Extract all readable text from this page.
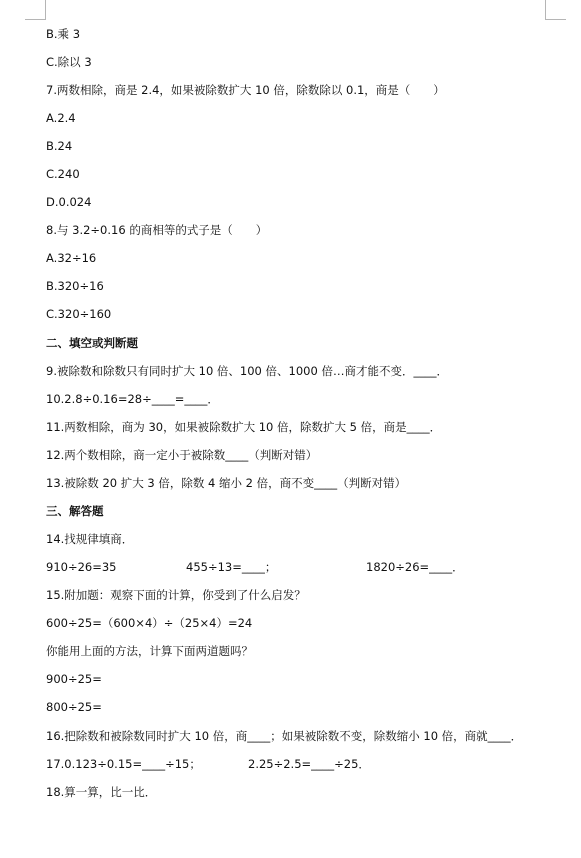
B.乘 3
C.除以 3
7.两数相除，商是 2.4，如果被除数扩大 10 倍，除数除以 0.1，商是（　　）
A.2.4
B.24
C.240
D.0.024
8.与 3.2÷0.16 的商相等的式子是（　　）
A.32÷16
B.320÷16
C.320÷160
二、填空或判断题
9.被除数和除数只有同时扩大 10 倍、100 倍、1000 倍…商才能不变．____．
10.2.8÷0.16=28÷____=____．
11.两数相除，商为 30，如果被除数扩大 10 倍，除数扩大 5 倍，商是____．
12.两个数相除，商一定小于被除数____（判断对错）
13.被除数 20 扩大 3 倍，除数 4 缩小 2 倍，商不变____（判断对错）
三、解答题
14.找规律填商．
910÷26=35	455÷13=____；	1820÷26=____．
15.附加题：观察下面的计算，你受到了什么启发？
600÷25=（600×4）÷（25×4）=24
你能用上面的方法，计算下面两道题吗？
900÷25=
800÷25=
16.把除数和被除数同时扩大 10 倍，商____；如果被除数不变，除数缩小 10 倍，商就____．
17.0.123÷0.15=____÷15；	2.25÷2.5=____÷25．
18.算一算，比一比．
